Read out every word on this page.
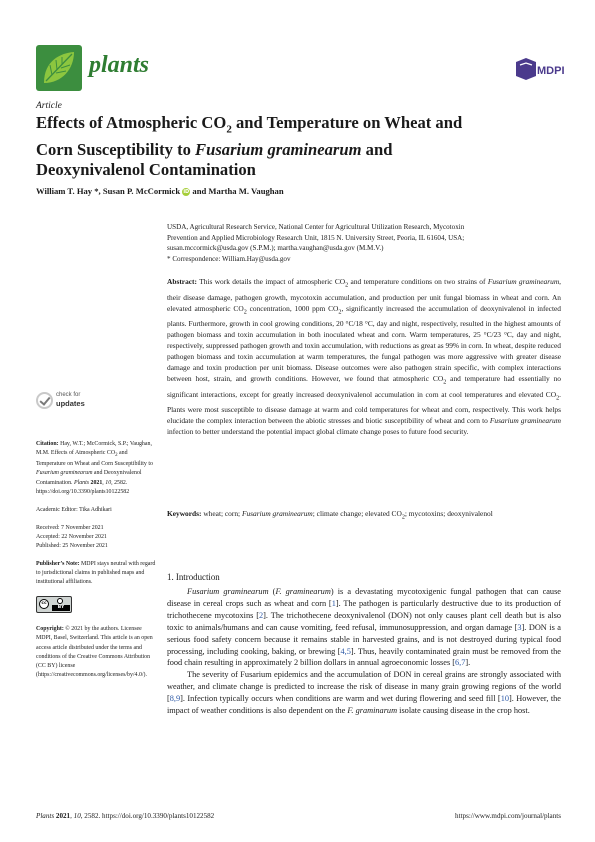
plants	MDPI
Article
Effects of Atmospheric $CO_2$ and Temperature on Wheat and
Corn Susceptibility to Fusarium graminearum and
Deoxynivalenol Contamination
William T. Hay *, Susan P. McCormick iD and Martha M. Vaughan
USDA, Agricultural Research Service, National Center for Agricultural Utilization Research, Mycotoxin
Prevention and Applied Microbiology Research Unit, 1815 N. University Street, Peoria, IL 61604, USA;
susan.mccormick@usda.gov (S.P.M.); martha.vaughan@usda.gov (M.M.V.)
* Correspondence: William.Hay@usda.gov
Abstract: This work details the impact of atmospheric $CO_2$ and temperature conditions on two strains of Fusarium graminearum, their disease damage, pathogen growth, mycotoxin accumulation, and production per unit fungal biomass in wheat and corn. An elevated atmospheric $CO_2$ concentration, 1000 ppm $CO_2$, significantly increased the accumulation of deoxynivalenol in infected plants. Furthermore, growth in cool growing conditions, 20 °C/18 °C, day and night, respectively, resulted in the highest amounts of pathogen biomass and toxin accumulation in both inoculated wheat and corn. Warm temperatures, 25 °C/23 °C, day and night, respectively, suppressed pathogen growth and toxin accumulation, with reductions as great as 99% in corn. In wheat, despite reduced pathogen biomass and toxin accumulation at warm temperatures, the fungal pathogen was more aggressive with greater disease damage and toxin production per unit biomass. Disease outcomes were also pathogen strain specific, with complex interactions between host, strain, and growth conditions. However, we found that atmospheric $CO_2$ and temperature had essentially no significant interactions, except for greatly increased deoxynivalenol accumulation in corn at cool temperatures and elevated $CO_2$. Plants were most susceptible to disease damage at warm and cold temperatures for wheat and corn, respectively. This work helps elucidate the complex interaction between the abiotic stresses and biotic susceptibility of wheat and corn to Fusarium graminearum infection to better understand the potential impact global climate change poses to future food security.
Keywords: wheat; corn; Fusarium graminearum; climate change; elevated $CO_2$; mycotoxins; deoxynivalenol
check for
updates
Citation: Hay, W.T.; McCormick, S.P.; Vaughan, M.M. Effects of Atmospheric $CO_2$ and Temperature on Wheat and Corn Susceptibility to Fusarium graminearum and Deoxynivalenol Contamination. Plants 2021, 10, 2582. https://doi.org/10.3390/plants10122582
Academic Editor: Tika Adhikari
Received: 7 November 2021
Accepted: 22 November 2021
Published: 25 November 2021
Publisher’s Note: MDPI stays neutral with regard to jurisdictional claims in published maps and institutional affiliations.
cc
BY
Copyright: © 2021 by the authors. Licensee MDPI, Basel, Switzerland. This article is an open access article distributed under the terms and conditions of the Creative Commons Attribution (CC BY) license (https://creativecommons.org/licenses/by/4.0/).
1. Introduction

Fusarium graminearum (F. graminearum) is a devastating mycotoxigenic fungal pathogen that can cause disease in cereal crops such as wheat and corn [1]. The pathogen is particularly destructive due to its production of trichothecene mycotoxins [2]. The trichothecene deoxynivalenol (DON) not only causes plant cell death but is also toxic to animals/humans and can cause vomiting, feed refusal, immunosuppression, and organ damage [3]. DON is a serious food safety concern because it remains stable in harvested grains, and is not destroyed during typical food processing, including cooking, baking, or brewing [4,5]. Thus, heavily contaminated grain must be removed from the food chain resulting in approximately 2 billion dollars in annual agroeconomic losses [6,7].

The severity of Fusarium epidemics and the accumulation of DON in cereal grains are strongly associated with weather, and climate change is predicted to increase the risk of disease in many grain growing regions of the world [8,9]. Infection typically occurs when conditions are warm and wet during flowering and seed fill [10]. However, the impact of weather conditions is also dependent on the F. graminarum isolate causing disease in the crop host.

Plants 2021, 10, 2582. https://doi.org/10.3390/plants10122582	https://www.mdpi.com/journal/plants
